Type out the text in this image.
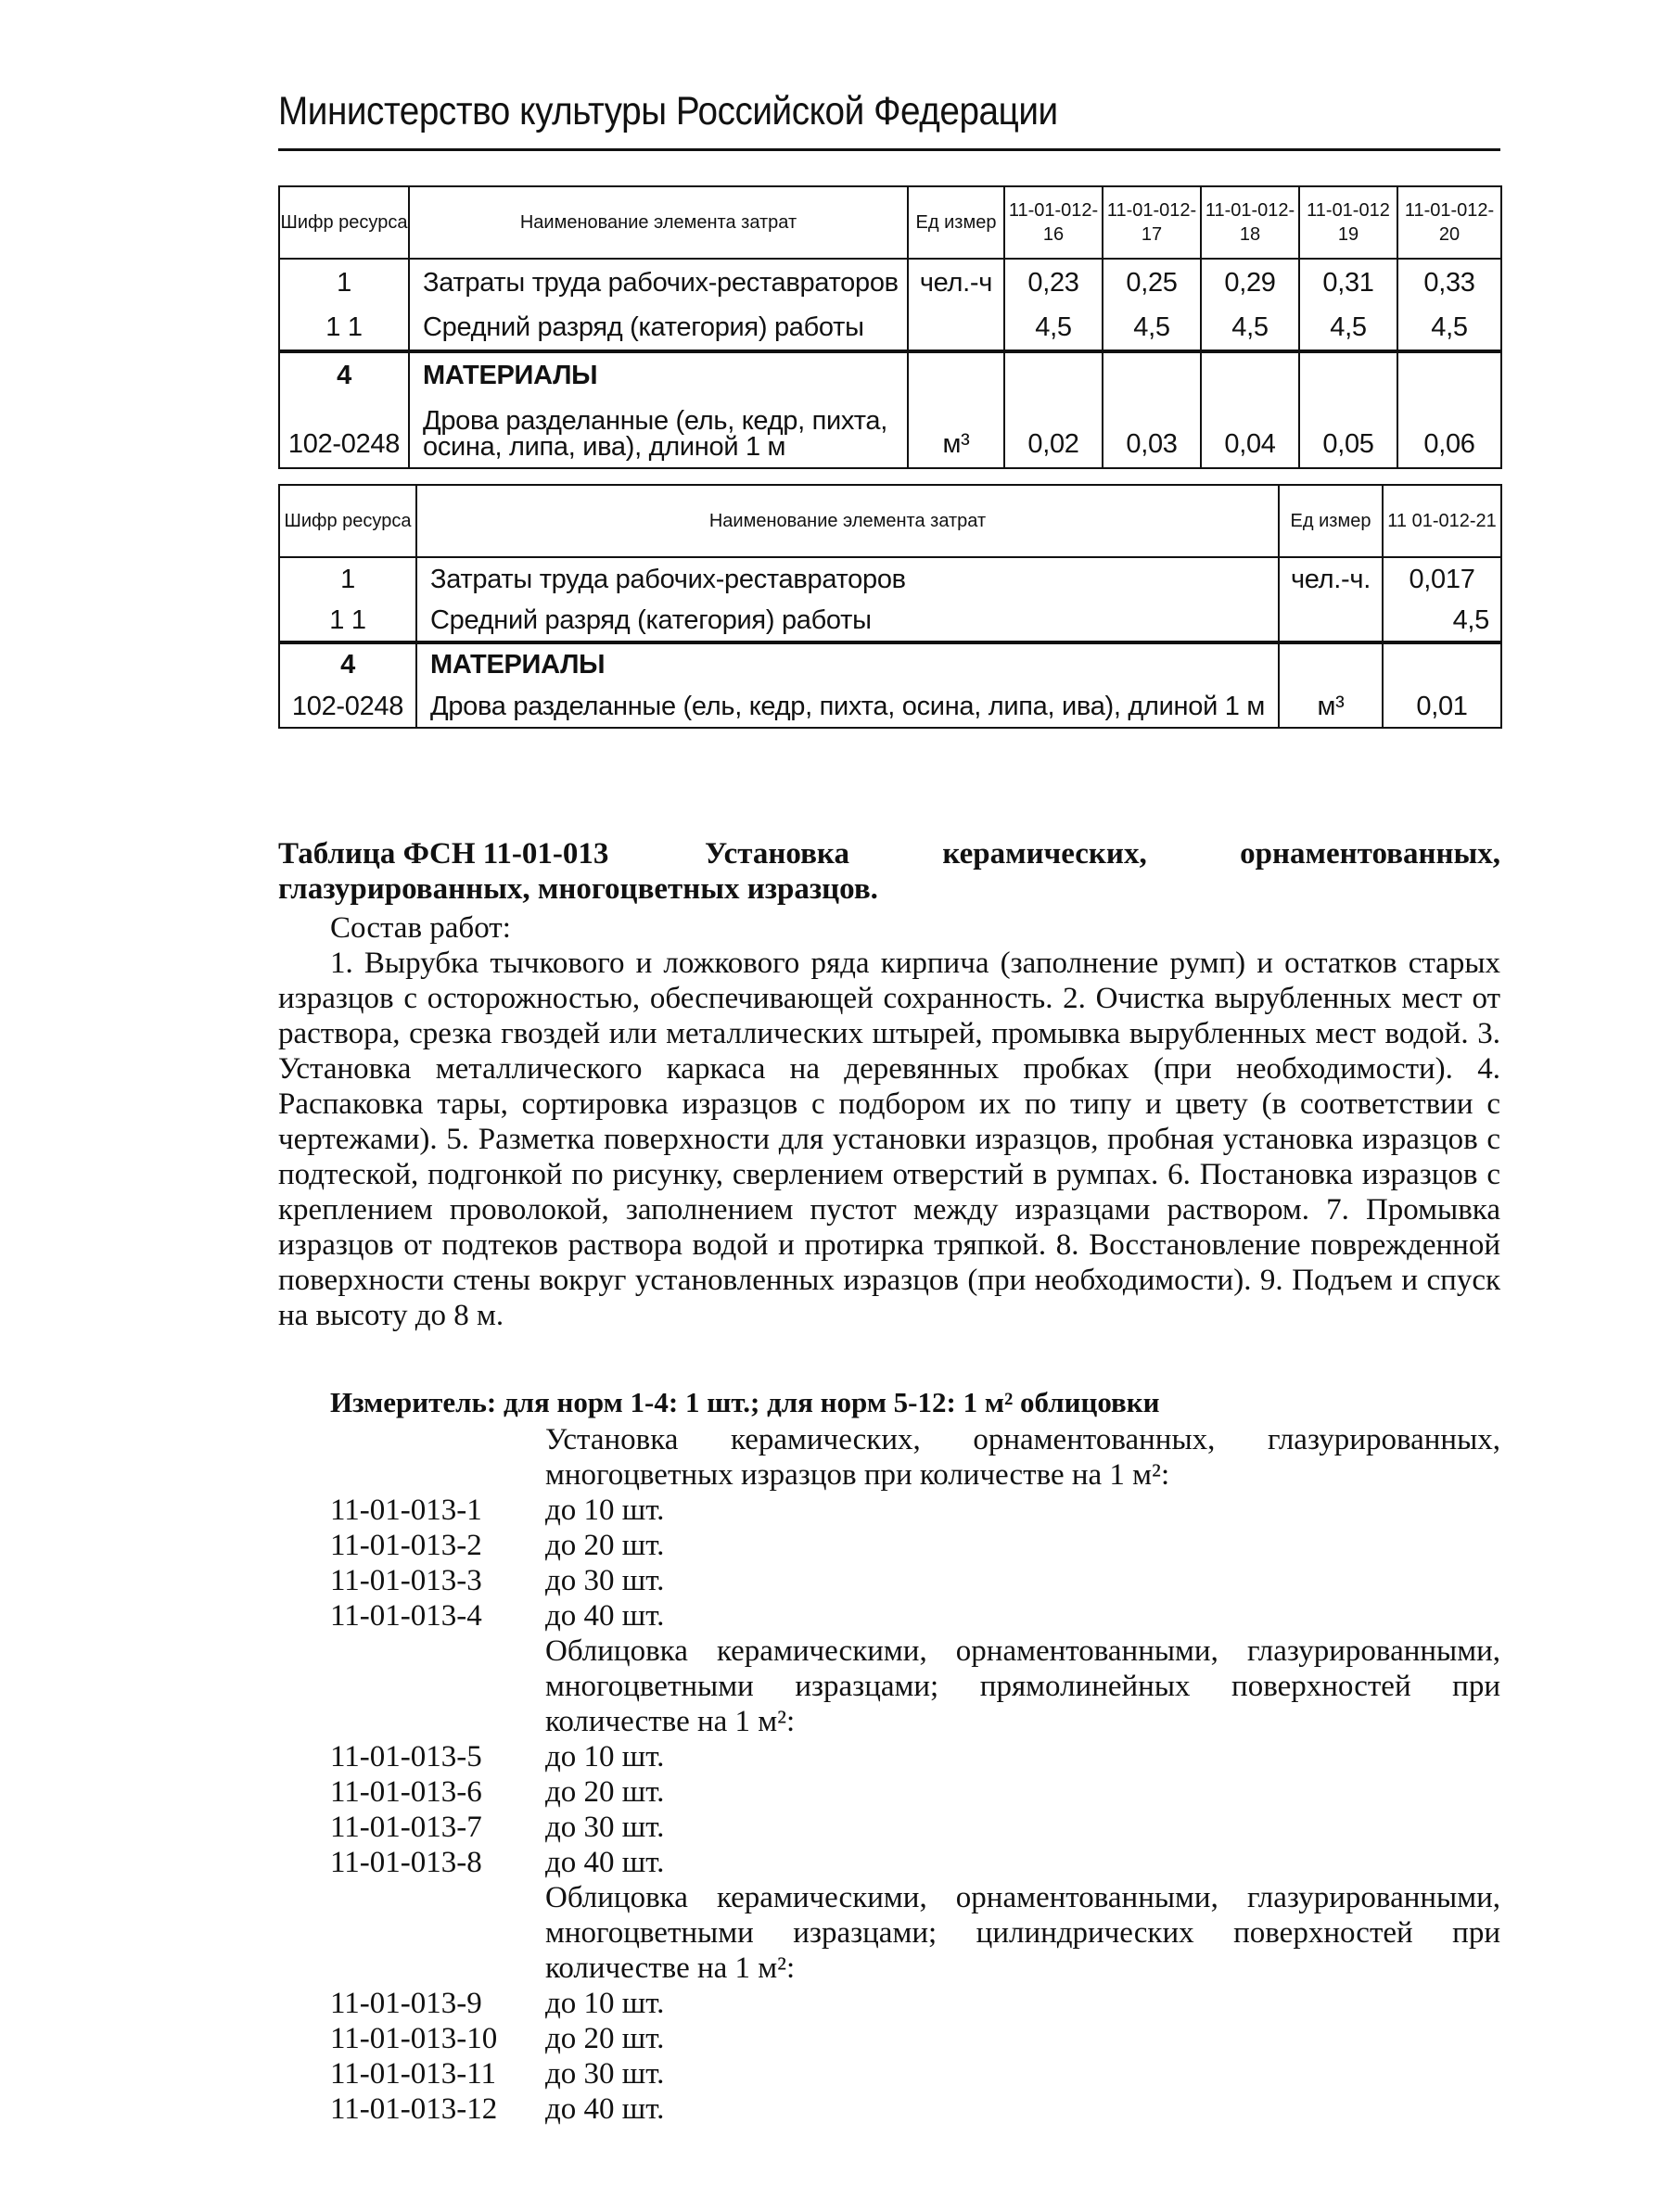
Министерство культуры Российской Федерации
Шифр ресурса	Наименование элемента затрат	Ед измер	11-01-012-16	11-01-012-17	11-01-012-18	11-01-012 19	11-01-012-20
1	Затраты труда рабочих-реставраторов	чел.-ч	0,23	0,25	0,29	0,31	0,33
1 1	Средний разряд (категория) работы		4,5	4,5	4,5	4,5	4,5
4	МАТЕРИАЛЫ						
102-0248	Дрова разделанные (ель, кедр, пихта, осина, липа, ива), длиной 1 м	м³	0,02	0,03	0,04	0,05	0,06
Шифр ресурса	Наименование элемента затрат	Ед измер	11 01-012-21
1	Затраты труда рабочих-реставраторов	чел.-ч.	0,017
1 1	Средний разряд (категория) работы		4,5
4	МАТЕРИАЛЫ		
102-0248	Дрова разделанные (ель, кедр, пихта, осина, липа, ива), длиной 1 м	м³	0,01
Таблица ФСН 11-01-013	Установка керамических, орнаментованных, глазурированных, многоцветных изразцов.
Состав работ:
1. Вырубка тычкового и ложкового ряда кирпича (заполнение румп) и остатков старых изразцов с осторожностью, обеспечивающей сохранность. 2. Очистка вырубленных мест от раствора, срезка гвоздей или металлических штырей, промывка вырубленных мест водой. 3. Установка металлического каркаса на деревянных пробках (при необходимости). 4. Распаковка тары, сортировка изразцов с подбором их по типу и цвету (в соответствии с чертежами). 5. Разметка поверхности для установки изразцов, пробная установка изразцов с подтеской, подгонкой по рисунку, сверлением отверстий в румпах. 6. Постановка изразцов с креплением проволокой, заполнением пустот между изразцами раствором. 7. Промывка изразцов от подтеков раствора водой и протирка тряпкой. 8. Восстановление поврежденной поверхности стены вокруг установленных изразцов (при необходимости). 9. Подъем и спуск на высоту до 8 м.
Измеритель: для норм 1-4: 1 шт.; для норм 5-12: 1 м² облицовки
Установка керамических, орнаментованных, глазурированных, многоцветных изразцов при количестве на 1 м²:
11-01-013-1	до 10 шт.
11-01-013-2	до 20 шт.
11-01-013-3	до 30 шт.
11-01-013-4	до 40 шт.
Облицовка керамическими, орнаментованными, глазурированными, многоцветными изразцами; прямолинейных поверхностей при количестве на 1 м²:
11-01-013-5	до 10 шт.
11-01-013-6	до 20 шт.
11-01-013-7	до 30 шт.
11-01-013-8	до 40 шт.
Облицовка керамическими, орнаментованными, глазурированными, многоцветными изразцами; цилиндрических поверхностей при количестве на 1 м²:
11-01-013-9	до 10 шт.
11-01-013-10	до 20 шт.
11-01-013-11	до 30 шт.
11-01-013-12	до 40 шт.
